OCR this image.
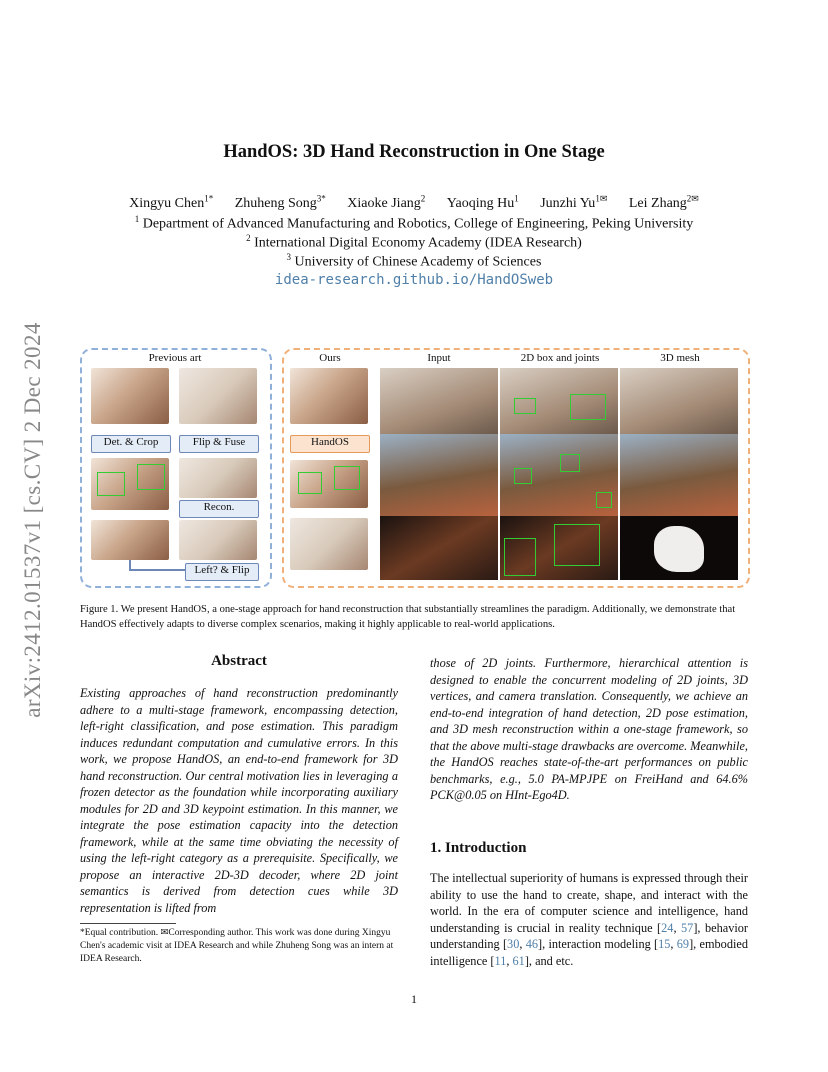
arXiv:2412.01537v1 [cs.CV] 2 Dec 2024
HandOS: 3D Hand Reconstruction in One Stage
Xingyu Chen$^{1*}$ Zhuheng Song$^{3*}$ Xiaoke Jiang$^2$ Yaoqing Hu$^1$ Junzhi $Yu^{1✉}$ Lei Zhang$^{2✉}$
$^1$ Department of Advanced Manufacturing and Robotics, College of Engineering, Peking University
$^2$ International Digital Economy Academy (IDEA Research)
$^3$ University of Chinese Academy of Sciences
idea-research.github.io/HandOSweb
Previous art
Det. & Crop	Flip & Fuse
Recon.
Left? & Flip
Ours	Input	2D box and joints	3D mesh
HandOS
Figure 1. We present HandOS, a one-stage approach for hand reconstruction that substantially streamlines the paradigm. Additionally, we demonstrate that HandOS effectively adapts to diverse complex scenarios, making it highly applicable to real-world applications.
Abstract
Existing approaches of hand reconstruction predominantly adhere to a multi-stage framework, encompassing detection, left-right classification, and pose estimation. This paradigm induces redundant computation and cumulative errors. In this work, we propose HandOS, an end-to-end framework for 3D hand reconstruction. Our central motivation lies in leveraging a frozen detector as the foundation while incorporating auxiliary modules for 2D and 3D keypoint estimation. In this manner, we integrate the pose estimation capacity into the detection framework, while at the same time obviating the necessity of using the left-right category as a prerequisite. Specifically, we propose an interactive 2D-3D decoder, where 2D joint semantics is derived from detection cues while 3D representation is lifted from
*Equal contribution. ✉Corresponding author. This work was done during Xingyu Chen's academic visit at IDEA Research and while Zhuheng Song was an intern at IDEA Research.
those of 2D joints. Furthermore, hierarchical attention is designed to enable the concurrent modeling of 2D joints, 3D vertices, and camera translation. Consequently, we achieve an end-to-end integration of hand detection, 2D pose estimation, and 3D mesh reconstruction within a one-stage framework, so that the above multi-stage drawbacks are overcome. Meanwhile, the HandOS reaches state-of-the-art performances on public benchmarks, e.g., 5.0 PA-MPJPE on FreiHand and 64.6% PCK@0.05 on HInt-Ego4D.
1. Introduction
The intellectual superiority of humans is expressed through their ability to use the hand to create, shape, and interact with the world. In the era of computer science and intelligence, hand understanding is crucial in reality technique [24, 57], behavior understanding [30, 46], interaction modeling [15, 69], embodied intelligence [11, 61], and etc.
1
